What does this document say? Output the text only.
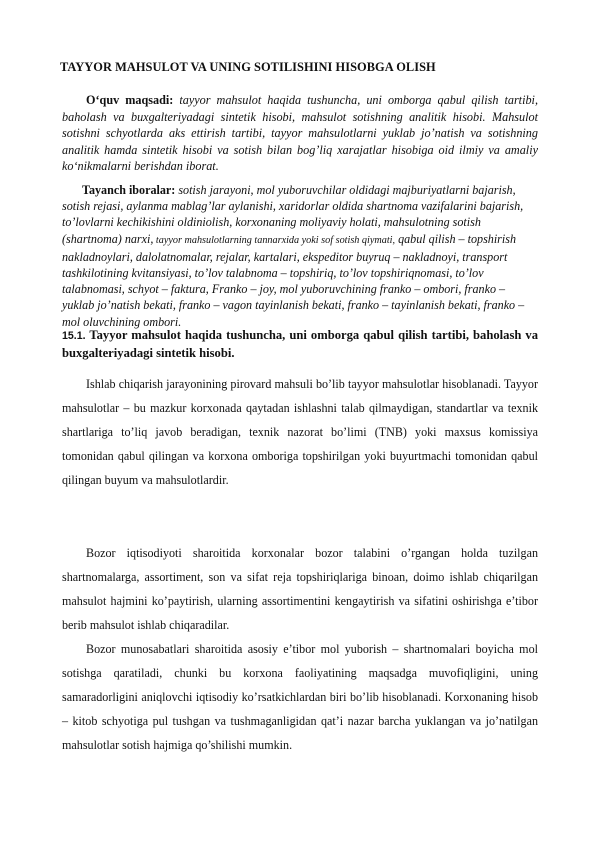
TAYYOR MAHSULOT VA UNING SOTILISHINI HISOBGA OLISH

O‘quv maqsadi: tayyor mahsulot haqida tushuncha, uni omborga qabul qilish tartibi, baholash va buxgalteriyadagi sintetik hisobi, mahsulot sotishning analitik hisobi. Mahsulot sotishni schyotlarda aks ettirish tartibi, tayyor mahsulotlarni yuklab jo’natish va sotishning analitik hamda sintetik hisobi va sotish bilan bog’liq xarajatlar hisobiga oid ilmiy va amaliy ko‘nikmalarni berishdan iborat.

Tayanch iboralar: sotish jarayoni, mol yuboruvchilar oldidagi majburiyatlarni bajarish, sotish rejasi, aylanma mablag’lar aylanishi, xaridorlar oldida shartnoma vazifalarini bajarish, to’lovlarni kechikishini oldiniolish, korxonaning moliyaviy holati, mahsulotning sotish (shartnoma) narxi, tayyor mahsulotlarning tannarxida yoki sof sotish qiymati, qabul qilish – topshirish nakladnoylari, dalolatnomalar, rejalar, kartalari, ekspeditor buyruq – nakladnoyi, transport tashkilotining kvitansiyasi, to’lov talabnoma – topshiriq, to’lov topshiriqnomasi, to’lov talabnomasi, schyot – faktura, Franko – joy, mol yuboruvchining franko – ombori, franko – yuklab jo’natish bekati, franko – vagon tayinlanish bekati, franko – tayinlanish bekati, franko – mol oluvchining ombori.

15.1. Tayyor mahsulot haqida tushuncha, uni omborga qabul qilish tartibi, baholash va buxgalteriyadagi sintetik hisobi.

Ishlab chiqarish jarayonining pirovard mahsuli bo’lib tayyor mahsulotlar hisoblanadi. Tayyor mahsulotlar – bu mazkur korxonada qaytadan ishlashni talab qilmaydigan, standartlar va texnik shartlariga to’liq javob beradigan, texnik nazorat bo’limi (TNB) yoki maxsus komissiya tomonidan qabul qilingan va korxona omboriga topshirilgan yoki buyurtmachi tomonidan qabul qilingan buyum va mahsulotlardir.

Bozor iqtisodiyoti sharoitida korxonalar bozor talabini o’rgangan holda tuzilgan shartnomalarga, assortiment, son va sifat reja topshiriqlariga binoan, doimo ishlab chiqarilgan mahsulot hajmini ko’paytirish, ularning assortimentini kengaytirish va sifatini oshirishga e’tibor berib mahsulot ishlab chiqaradilar.

Bozor munosabatlari sharoitida asosiy e’tibor mol yuborish – shartnomalari boyicha mol sotishga qaratiladi, chunki bu korxona faoliyatining maqsadga muvofiqligini, uning samaradorligini aniqlovchi iqtisodiy ko’rsatkichlardan biri bo’lib hisoblanadi. Korxonaning hisob – kitob schyotiga pul tushgan va tushmaganligidan qat’i nazar barcha yuklangan va jo’natilgan mahsulotlar sotish hajmiga qo’shilishi mumkin.
